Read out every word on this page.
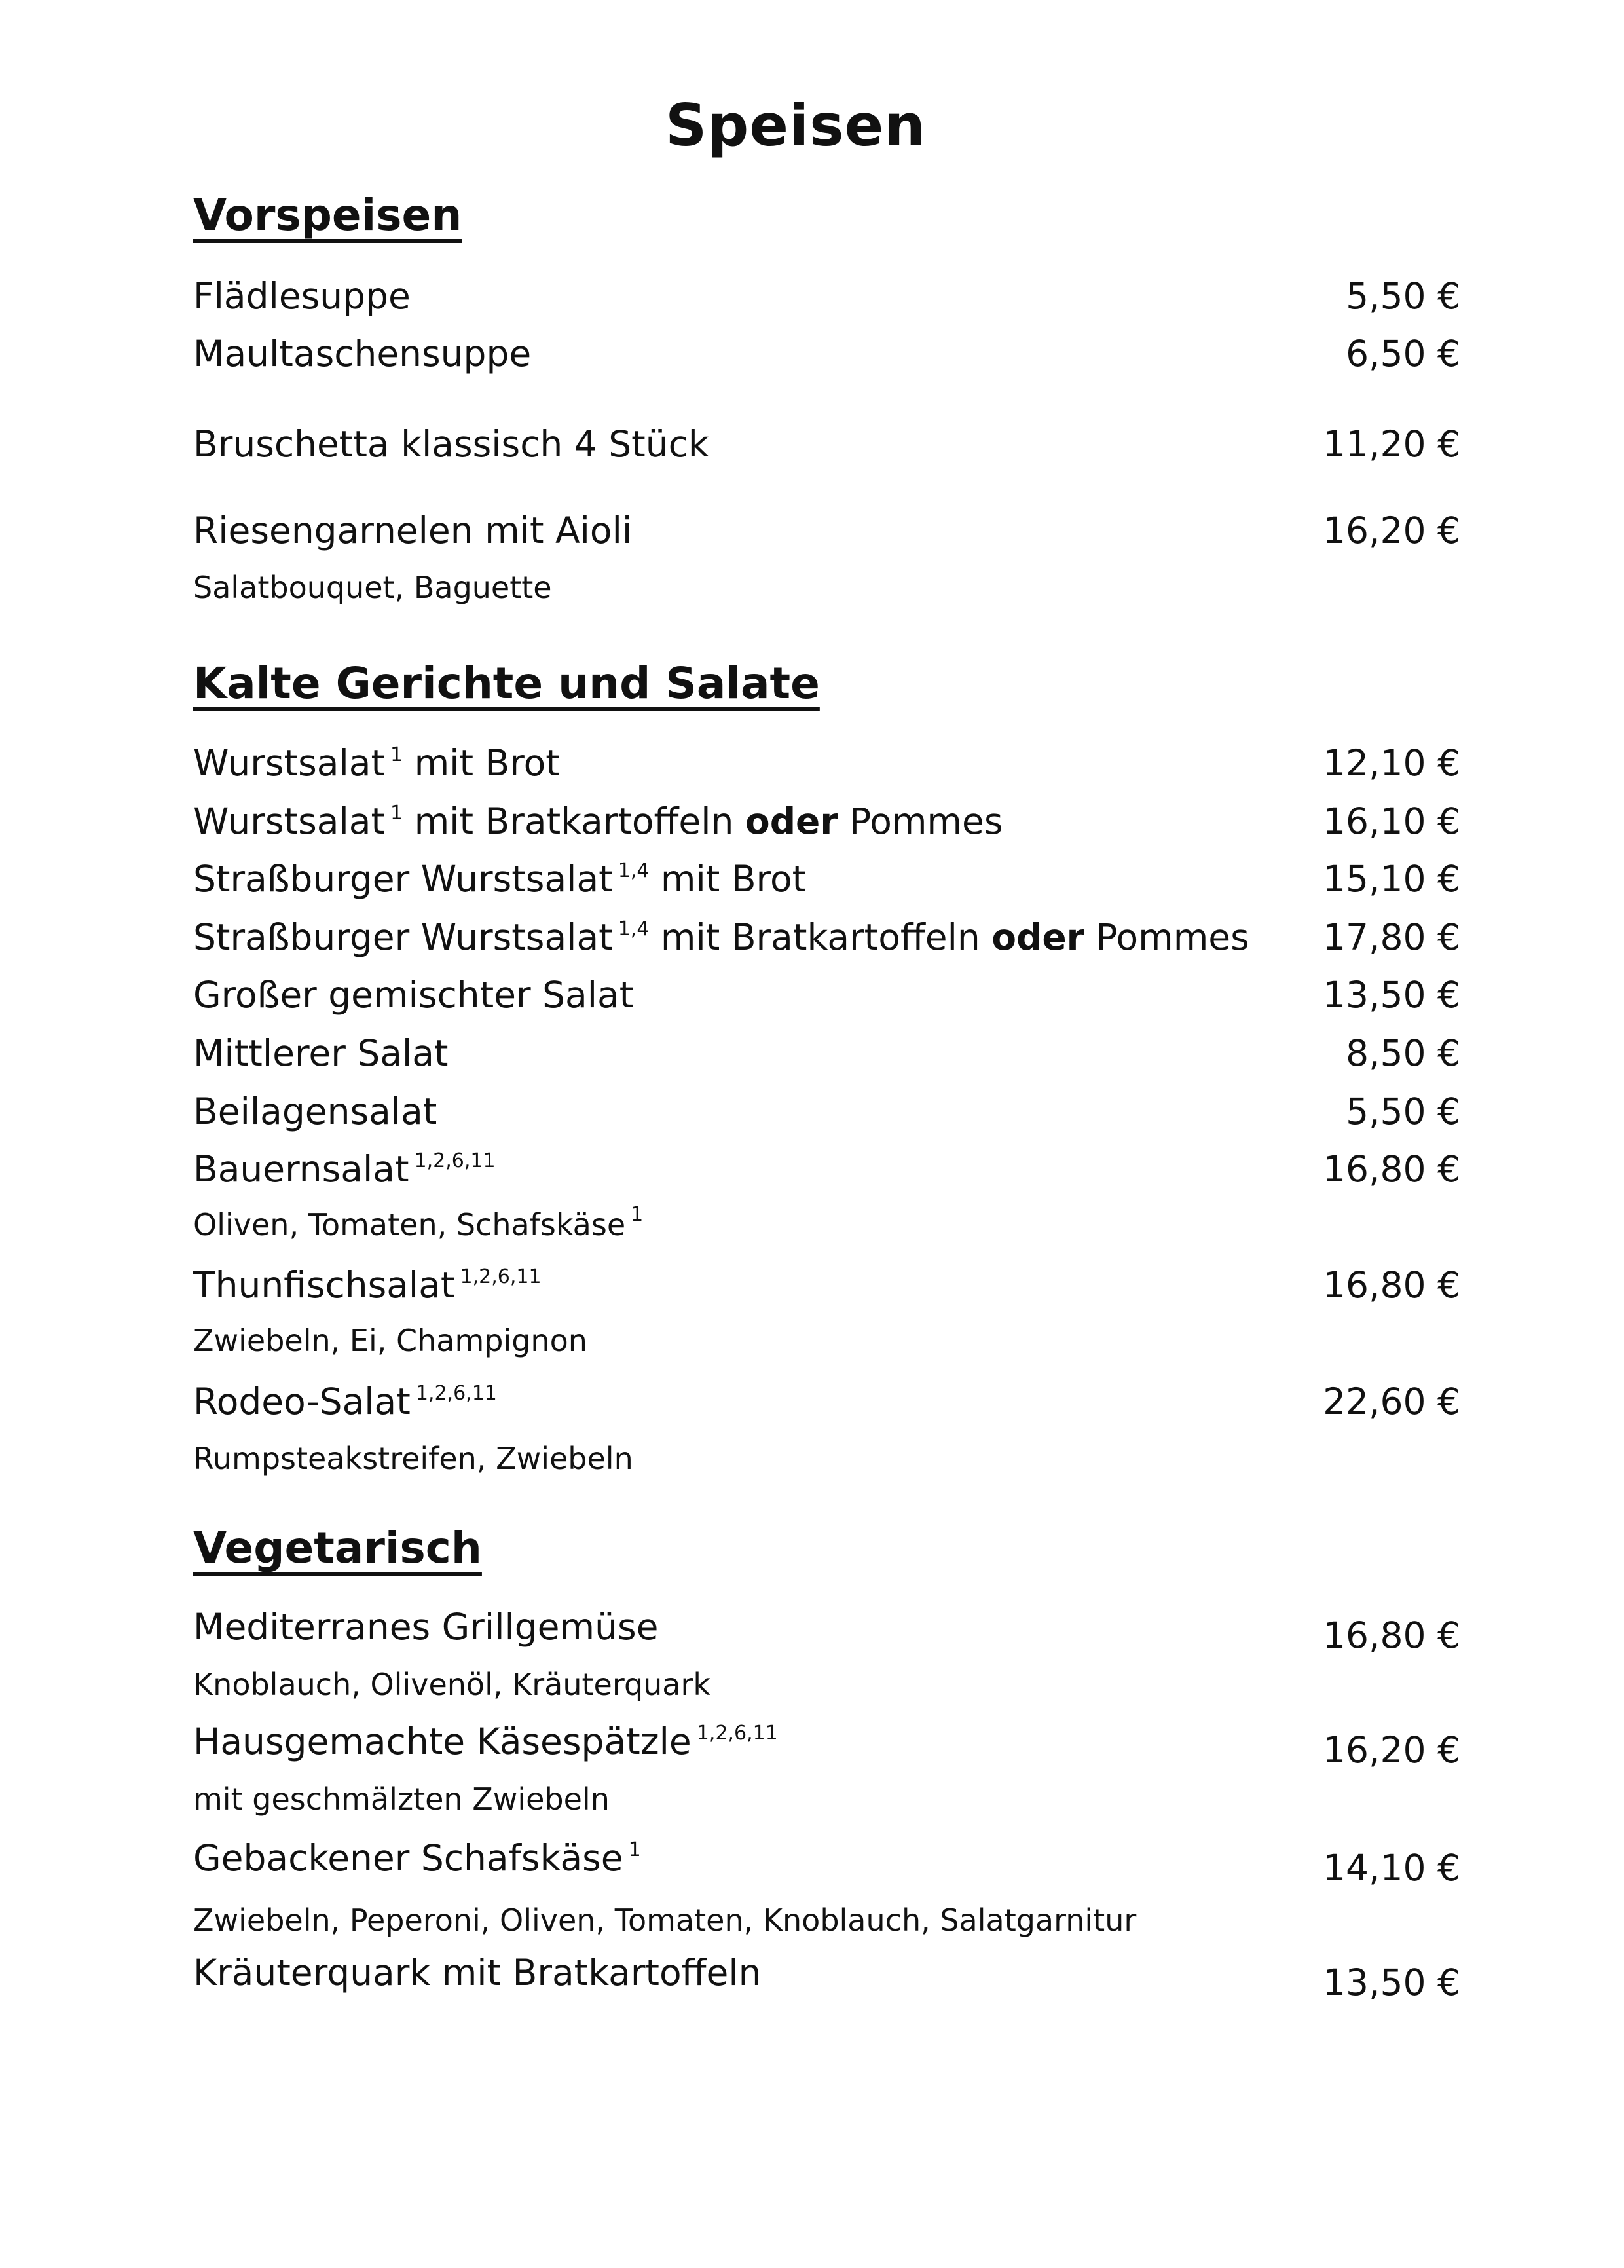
Speisen
Vorspeisen
Flädlesuppe	5,50 €
Maultaschensuppe	6,50 €
Bruschetta klassisch 4 Stück	11,20 €
Riesengarnelen mit Aioli	16,20 €
Salatbouquet, Baguette
Kalte Gerichte und Salate
Wurstsalat $^1$ mit Brot	12,10 €
Wurstsalat $^1$ mit Bratkartoffeln oder Pommes	16,10 €
Straßburger Wurstsalat $^{1,4}$ mit Brot	15,10 €
Straßburger Wurstsalat $^{1,4}$ mit Bratkartoffeln oder Pommes 17,80 €
Großer gemischter Salat	13,50 €
Mittlerer Salat	8,50 €
Beilagensalat	5,50 €
Bauernsalat $^{1,2,6,11}$	16,80 €
Oliven, Tomaten, Schafskäse $^1$
Thunfischsalat $^{1,2,6,11}$	16,80 €
Zwiebeln, Ei, Champignon
Rodeo-Salat $^{1,2,6,11}$	22,60 €
Rumpsteakstreifen, Zwiebeln
Vegetarisch
Mediterranes Grillgemüse	16,80 €
Knoblauch, Olivenöl, Kräuterquark
Hausgemachte Käsespätzle $^{1,2,6,11}$	16,20 €
mit geschmälzten Zwiebeln
Gebackener Schafskäse $^1$	14,10 €
Zwiebeln, Peperoni, Oliven, Tomaten, Knoblauch, Salatgarnitur
Kräuterquark mit Bratkartoffeln	13,50 €
